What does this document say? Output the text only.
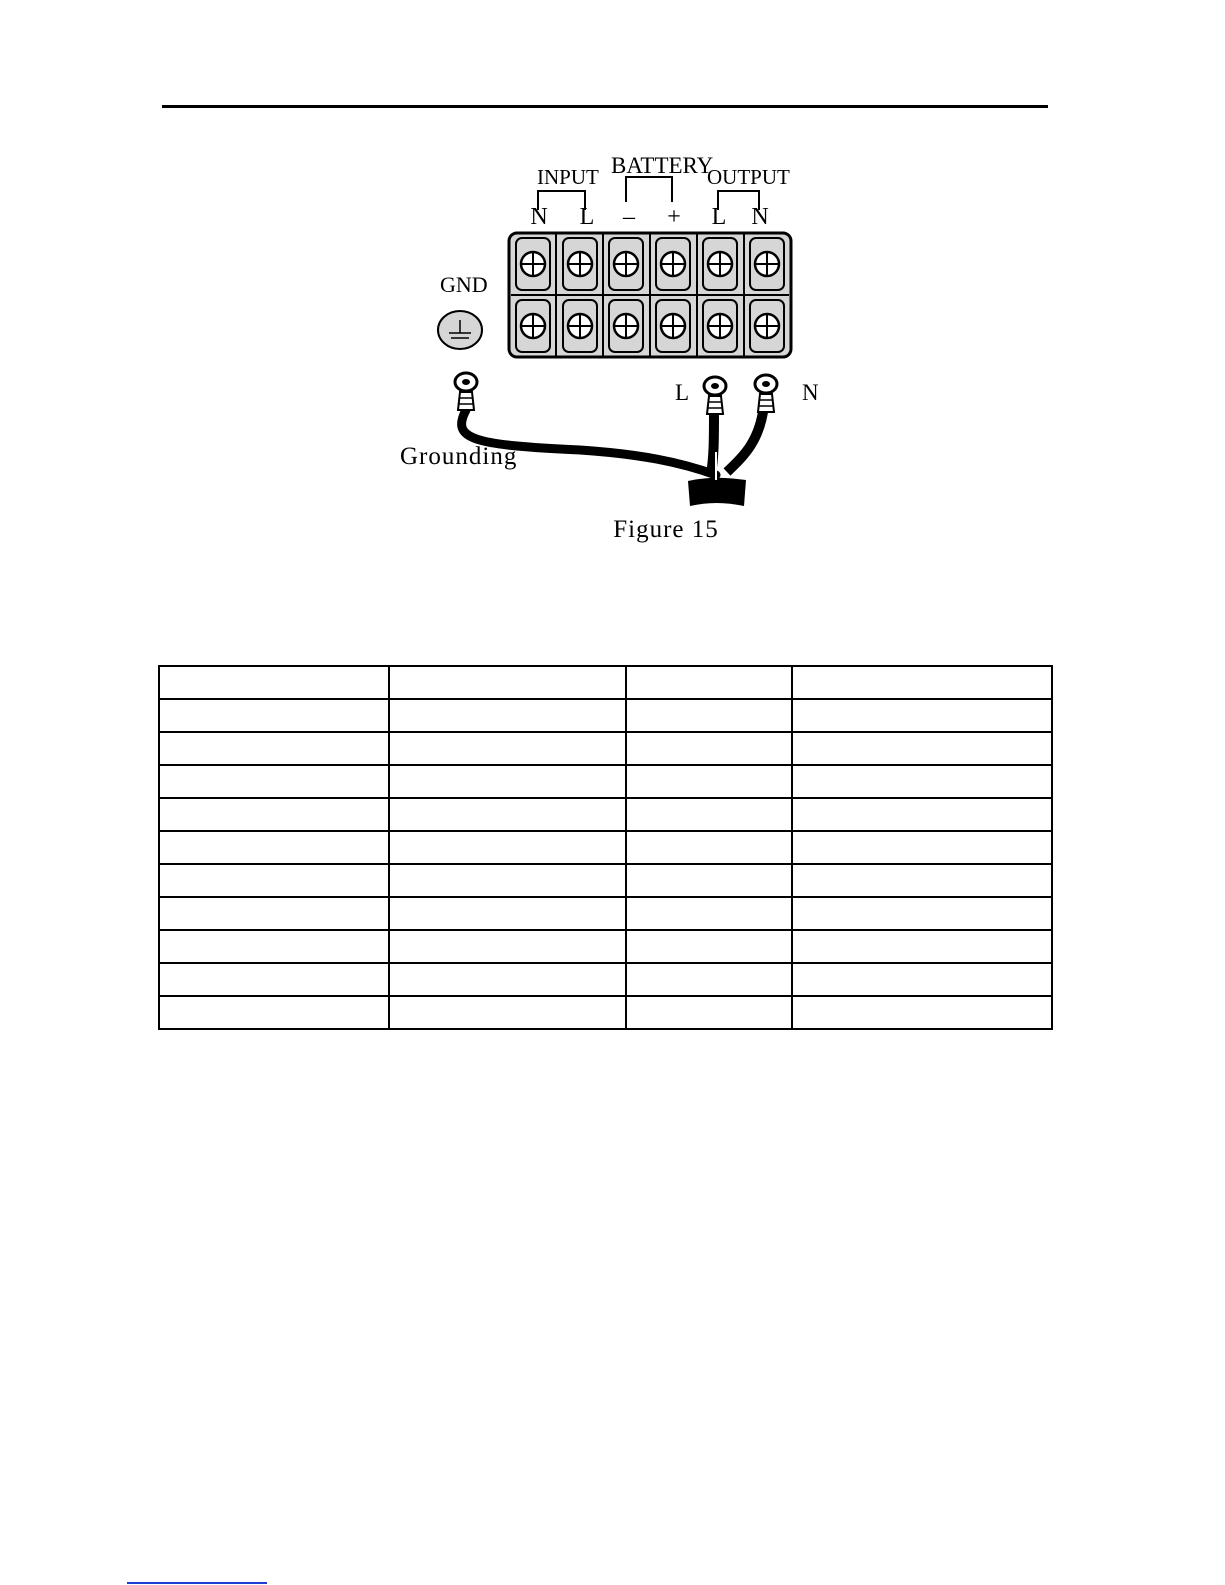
INPUT BATTERY
OUTPUT
N L – + L N
GND
L	N
Grounding
Figure 15
